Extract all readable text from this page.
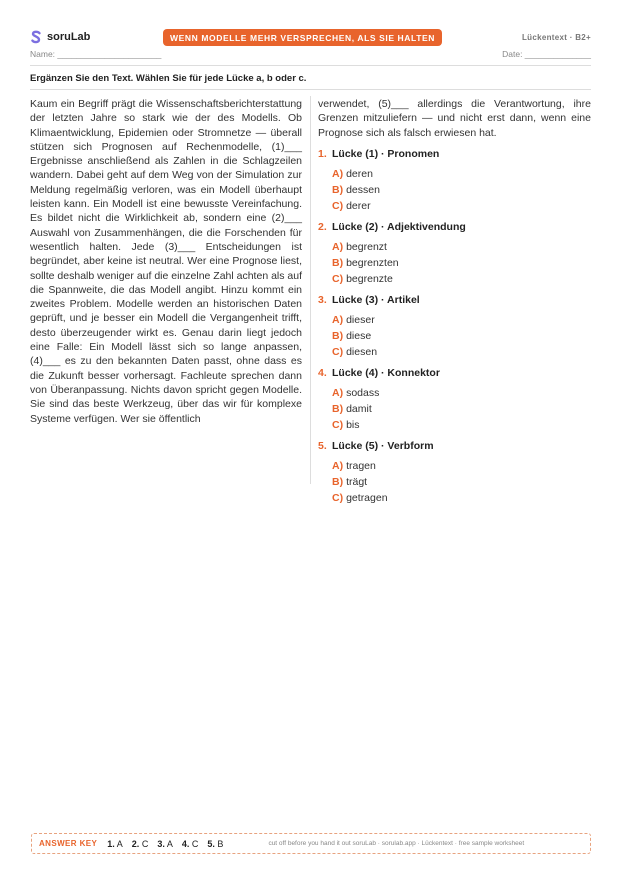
soruLab	WENN MODELLE MEHR VERSPRECHEN, ALS SIE HALTEN	Lückentext · B2+
Name: ______________________	Date: ______________
Ergänzen Sie den Text. Wählen Sie für jede Lücke a, b oder c.

Kaum ein Begriff prägt die Wissenschaftsberichterstattung der letzten Jahre so stark wie der des Modells. Ob Klimaentwicklung, Epidemien oder Stromnetze — überall stützen sich Prognosen auf Rechenmodelle, (1)___ Ergebnisse anschließend als Zahlen in die Schlagzeilen wandern. Dabei geht auf dem Weg von der Simulation zur Meldung regelmäßig verloren, was ein Modell überhaupt leisten kann. Ein Modell ist eine bewusste Vereinfachung. Es bildet nicht die Wirklichkeit ab, sondern eine (2)___ Auswahl von Zusammenhängen, die die Forschenden für wesentlich halten. Jede (3)___ Entscheidungen ist begründet, aber keine ist neutral. Wer eine Prognose liest, sollte deshalb weniger auf die einzelne Zahl achten als auf die Spannweite, die das Modell angibt. Hinzu kommt ein zweites Problem. Modelle werden an historischen Daten geprüft, und je besser ein Modell die Vergangenheit trifft, desto überzeugender wirkt es. Genau darin liegt jedoch eine Falle: Ein Modell lässt sich so lange anpassen, (4)___ es zu den bekannten Daten passt, ohne dass es die Zukunft besser vorhersagt. Fachleute sprechen dann von Überanpassung. Nichts davon spricht gegen Modelle. Sie sind das beste Werkzeug, über das wir für komplexe Systeme verfügen. Wer sie öffentlich

verwendet, (5)___ allerdings die Verantwortung, ihre Grenzen mitzuliefern — und nicht erst dann, wenn eine Prognose sich als falsch erwiesen hat.

1. Lücke (1) · Pronomen
A) deren
B) dessen
C) derer
2. Lücke (2) · Adjektivendung
A) begrenzt
B) begrenzten
C) begrenzte
3. Lücke (3) · Artikel
A) dieser
B) diese
C) diesen
4. Lücke (4) · Konnektor
A) sodass
B) damit
C) bis
5. Lücke (5) · Verbform
A) tragen
B) trägt
C) getragen
ANSWER KEY 1. A 2. C 3. A 4. C 5. B	cut off before you hand it out soruLab · sorulab.app · Lückentext · free sample worksheet
